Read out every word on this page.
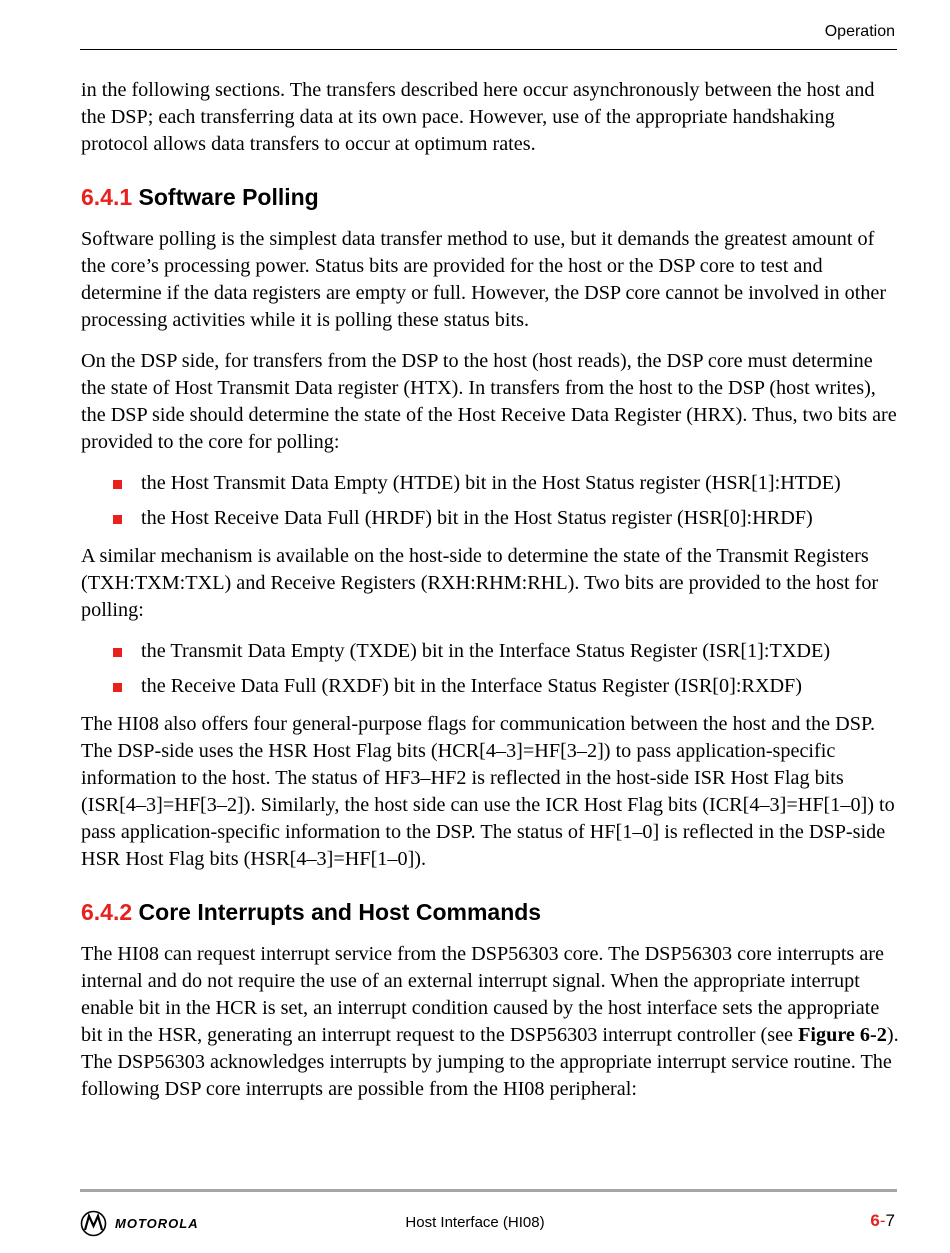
Operation

in the following sections. The transfers described here occur asynchronously between the host and the DSP; each transferring data at its own pace. However, use of the appropriate handshaking protocol allows data transfers to occur at optimum rates.

6.4.1 Software Polling

Software polling is the simplest data transfer method to use, but it demands the greatest amount of the core’s processing power. Status bits are provided for the host or the DSP core to test and determine if the data registers are empty or full. However, the DSP core cannot be involved in other processing activities while it is polling these status bits.

On the DSP side, for transfers from the DSP to the host (host reads), the DSP core must determine the state of Host Transmit Data register (HTX). In transfers from the host to the DSP (host writes), the DSP side should determine the state of the Host Receive Data Register (HRX). Thus, two bits are provided to the core for polling:

the Host Transmit Data Empty (HTDE) bit in the Host Status register (HSR[1]:HTDE)
the Host Receive Data Full (HRDF) bit in the Host Status register (HSR[0]:HRDF)

A similar mechanism is available on the host-side to determine the state of the Transmit Registers (TXH:TXM:TXL) and Receive Registers (RXH:RHM:RHL). Two bits are provided to the host for polling:

the Transmit Data Empty (TXDE) bit in the Interface Status Register (ISR[1]:TXDE)
the Receive Data Full (RXDF) bit in the Interface Status Register (ISR[0]:RXDF)

The HI08 also offers four general-purpose flags for communication between the host and the DSP. The DSP-side uses the HSR Host Flag bits (HCR[4–3]=HF[3–2]) to pass application-specific information to the host. The status of HF3–HF2 is reflected in the host-side ISR Host Flag bits (ISR[4–3]=HF[3–2]). Similarly, the host side can use the ICR Host Flag bits (ICR[4–3]=HF[1–0]) to pass application-specific information to the DSP. The status of HF[1–0] is reflected in the DSP-side HSR Host Flag bits (HSR[4–3]=HF[1–0]).

6.4.2 Core Interrupts and Host Commands

The HI08 can request interrupt service from the DSP56303 core. The DSP56303 core interrupts are internal and do not require the use of an external interrupt signal. When the appropriate interrupt enable bit in the HCR is set, an interrupt condition caused by the host interface sets the appropriate bit in the HSR, generating an interrupt request to the DSP56303 interrupt controller (see Figure 6-2). The DSP56303 acknowledges interrupts by jumping to the appropriate interrupt service routine. The following DSP core interrupts are possible from the HI08 peripheral:

MOTOROLA	Host Interface (HI08)	6-7
